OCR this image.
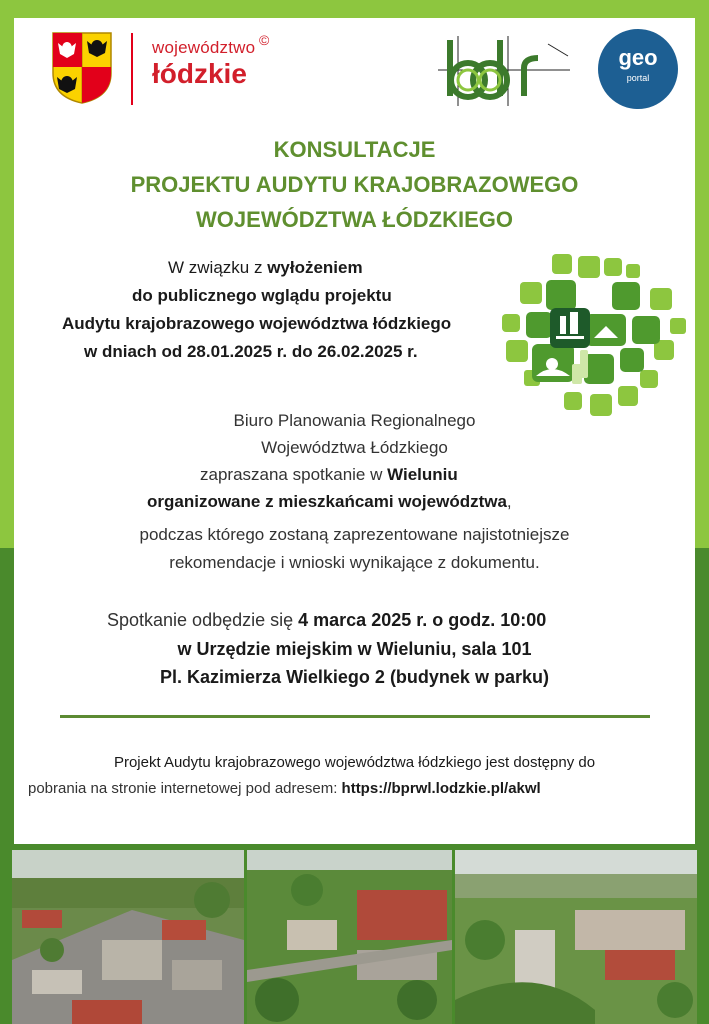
województwo ©
łódzkie
geo
portal
KONSULTACJE
PROJEKTU AUDYTU KRAJOBRAZOWEGO
WOJEWÓDZTWA ŁÓDZKIEGO
W związku z wyłożeniem
do publicznego wglądu projektu
Audytu krajobrazowego województwa łódzkiego
w dniach od 28.01.2025 r. do 26.02.2025 r.
Biuro Planowania Regionalnego
Województwa Łódzkiego
zapraszana spotkanie w Wieluniu
organizowane z mieszkańcami województwa,
podczas którego zostaną zaprezentowane najistotniejsze
rekomendacje i wnioski wynikające z dokumentu.
Spotkanie odbędzie się 4 marca 2025 r. o godz. 10:00
w Urzędzie miejskim w Wieluniu, sala 101
Pl. Kazimierza Wielkiego 2 (budynek w parku)
Projekt Audytu krajobrazowego województwa łódzkiego jest dostępny do
pobrania na stronie internetowej pod adresem: https://bprwl.lodzkie.pl/akwl
